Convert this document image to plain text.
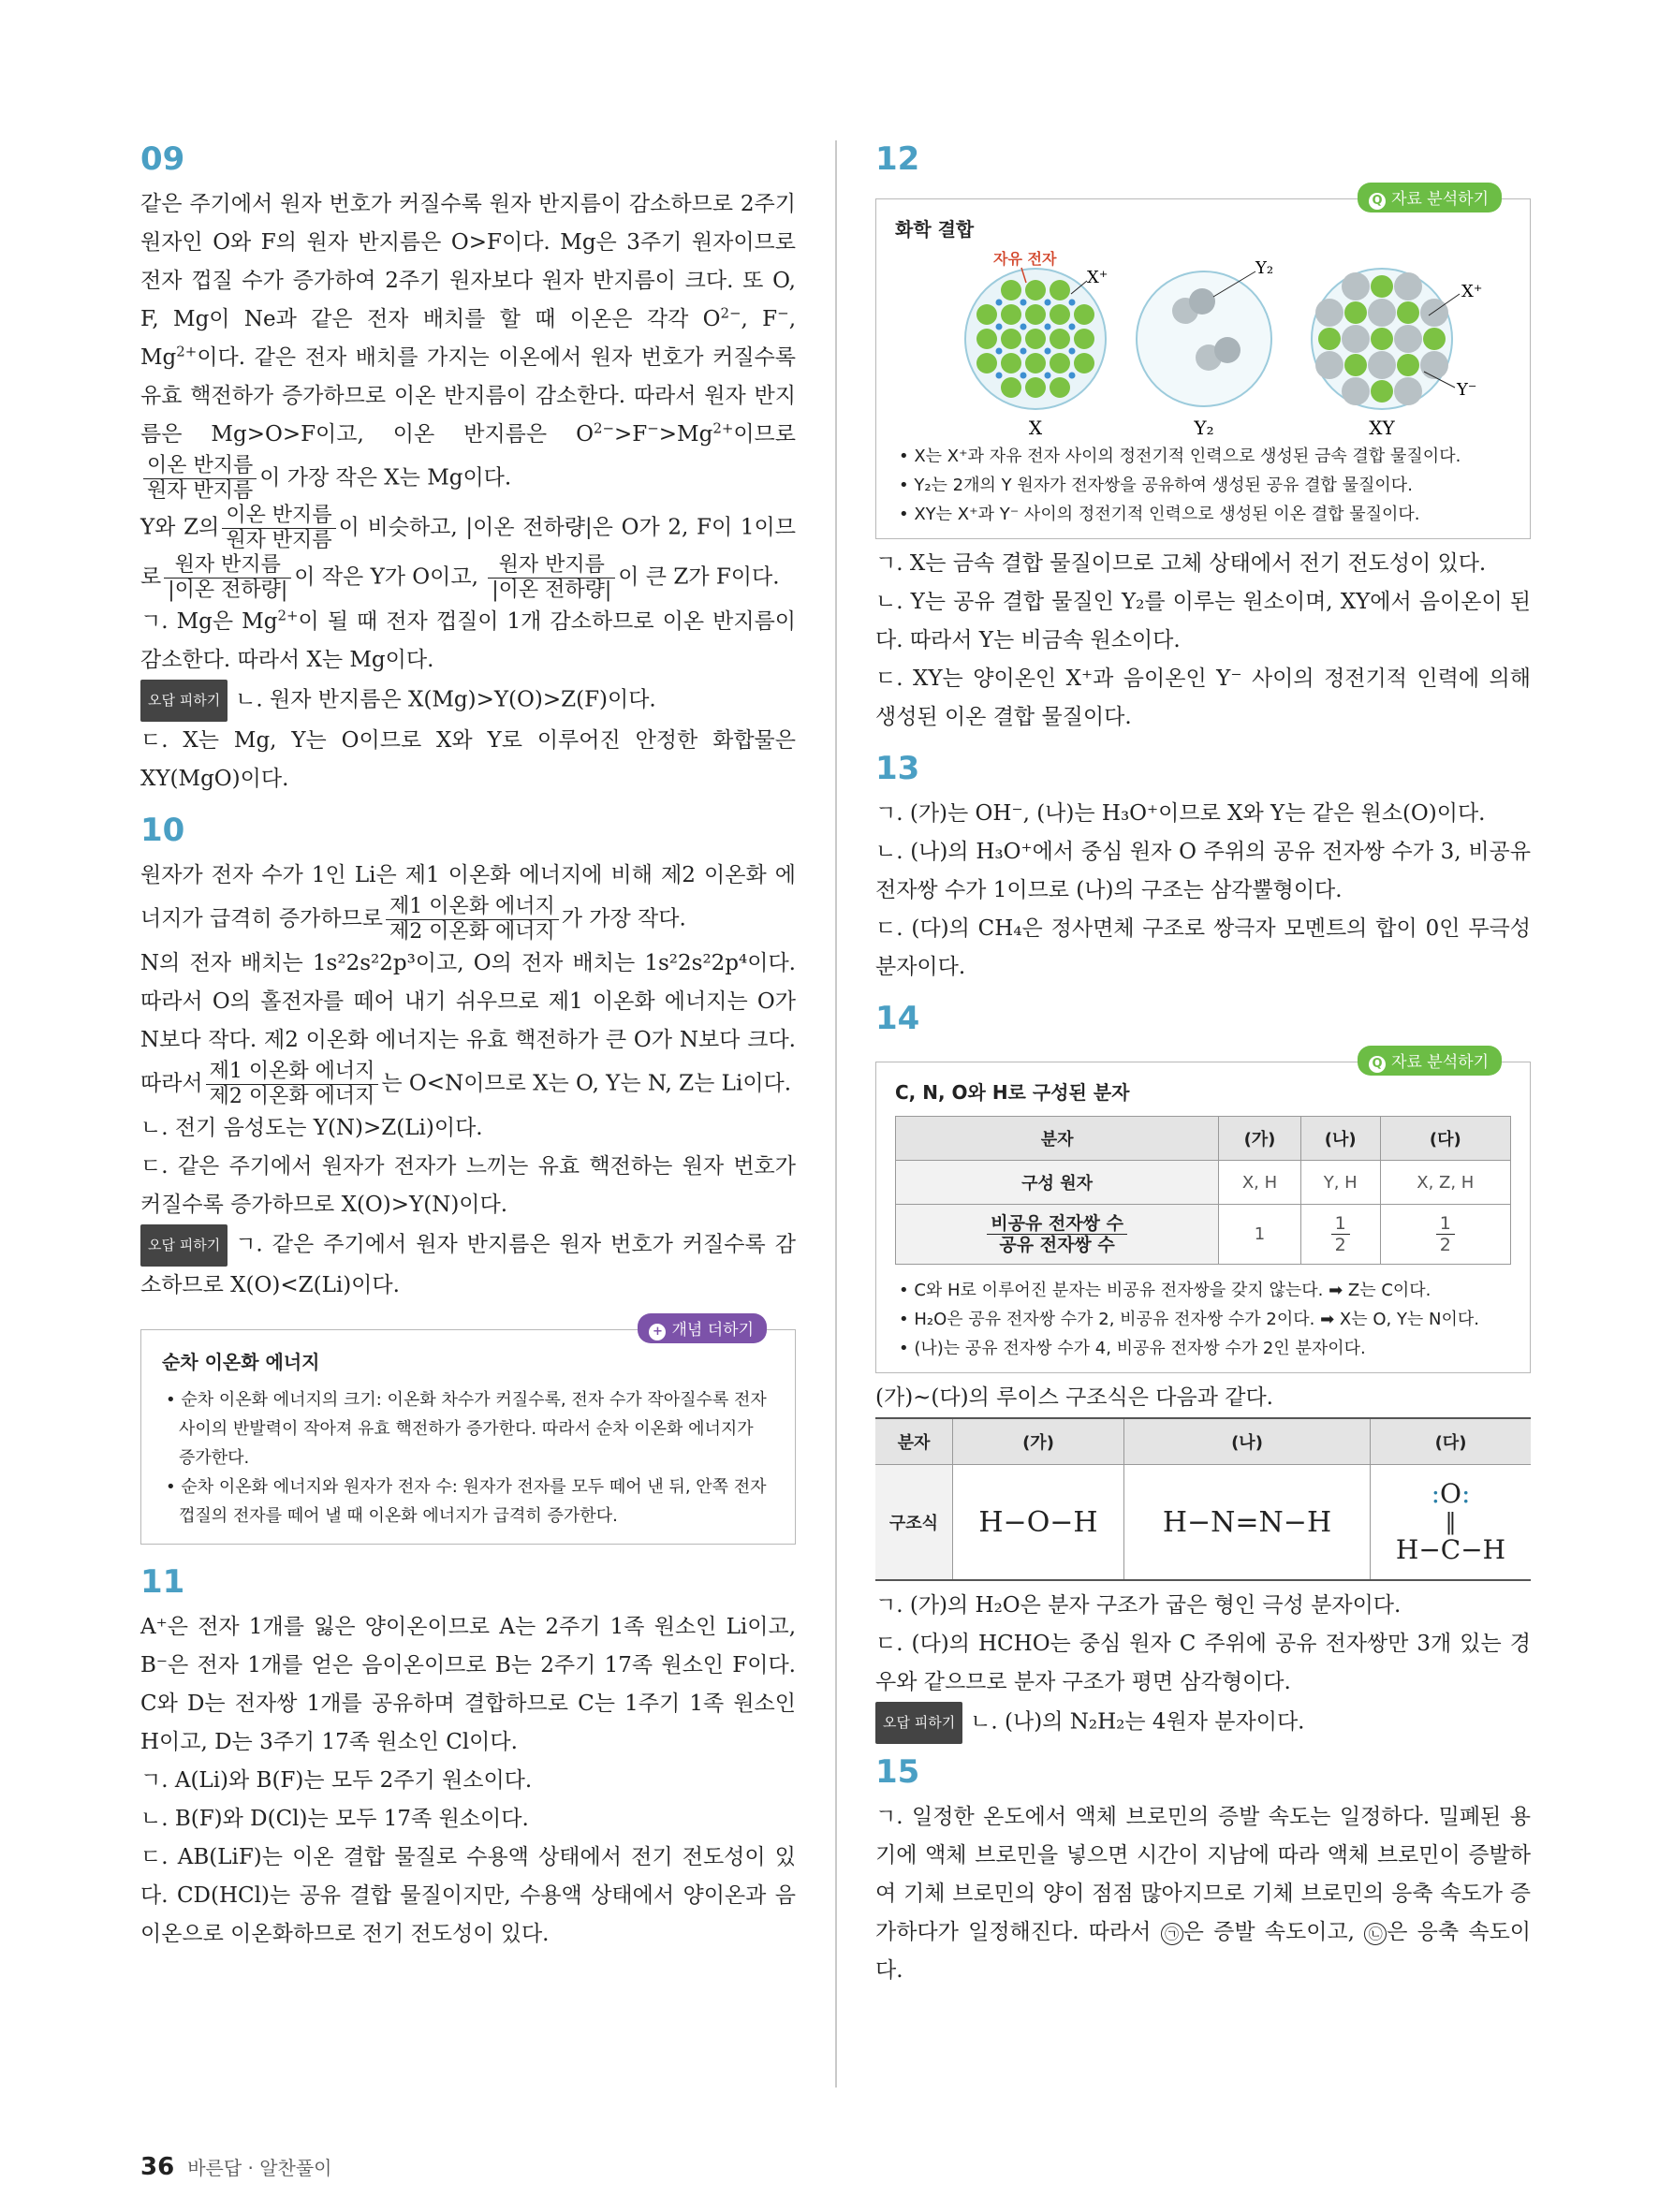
09

같은 주기에서 원자 번호가 커질수록 원자 반지름이 감소하므로 2주기 원자인 O와 F의 원자 반지름은 O>F이다. Mg은 3주기 원자이므로 전자 껍질 수가 증가하여 2주기 원자보다 원자 반지름이 크다. 또 O, F, Mg이 Ne과 같은 전자 배치를 할 때 이온은 각각 $O^{2-}$, F−, $Mg^{2+}$이다. 같은 전자 배치를 가지는 이온에서 원자 번호가 커질수록 유효 핵전하가 증가하므로 이온 반지름이 감소한다. 따라서 원자 반지름은 Mg>O>F이고, 이온 반지름은 $O^{2-}>F^->Mg^{2+}$이므로
$\frac{\text{이온 반지름}}{\text{원자 반지름}}$ 이 가장 작은 X는 Mg이다.

Y와 Z의 $\frac{\text{이온 반지름}}{\text{원자 반지름}}$ 이 비슷하고, |이온 전하량|은 O가 2, F이 1이므로 $\frac{\text{원자 반지름}}{\text{|이온 전하량|}}$ 이 작은 Y가 O이고, $\frac{\text{원자 반지름}}{\text{|이온 전하량|}}$ 이 큰 Z가 F이다.

ㄱ. Mg은 $Mg^{2+}$이 될 때 전자 껍질이 1개 감소하므로 이온 반지름이 감소한다. 따라서 X는 Mg이다.

오답 피하기 ㄴ. 원자 반지름은 X(Mg)>Y(O)>Z(F)이다.

ㄷ. X는 Mg, Y는 O이므로 X와 Y로 이루어진 안정한 화합물은 XY(MgO)이다.

10

원자가 전자 수가 1인 Li은 제1 이온화 에너지에 비해 제2 이온화 에너지가 급격히 증가하므로 $\frac{\text{제1 이온화 에너지}}{\text{제2 이온화 에너지}}$ 가 가장 작다.

N의 전자 배치는 1s²2s²2p³이고, O의 전자 배치는 1s²2s²2p⁴이다. 따라서 O의 홀전자를 떼어 내기 쉬우므로 제1 이온화 에너지는 O가 N보다 작다. 제2 이온화 에너지는 유효 핵전하가 큰 O가 N보다 크다. 따라서 $\frac{\text{제1 이온화 에너지}}{\text{제2 이온화 에너지}}$ 는 O<N이므로 X는 O, Y는 N, Z는 Li이다.

ㄴ. 전기 음성도는 Y(N)>Z(Li)이다.

ㄷ. 같은 주기에서 원자가 전자가 느끼는 유효 핵전하는 원자 번호가 커질수록 증가하므로 X(O)>Y(N)이다.

오답 피하기 ㄱ. 같은 주기에서 원자 반지름은 원자 번호가 커질수록 감소하므로 X(O)<Z(Li)이다.

+ 개념 더하기
순차 이온화 에너지

• 순차 이온화 에너지의 크기: 이온화 차수가 커질수록, 전자 수가 작아질수록 전자 사이의 반발력이 작아져 유효 핵전하가 증가한다. 따라서 순차 이온화 에너지가 증가한다.

• 순차 이온화 에너지와 원자가 전자 수: 원자가 전자를 모두 떼어 낸 뒤, 안쪽 전자 껍질의 전자를 떼어 낼 때 이온화 에너지가 급격히 증가한다.

11

A⁺은 전자 1개를 잃은 양이온이므로 A는 2주기 1족 원소인 Li이고, B⁻은 전자 1개를 얻은 음이온이므로 B는 2주기 17족 원소인 F이다. C와 D는 전자쌍 1개를 공유하며 결합하므로 C는 1주기 1족 원소인 H이고, D는 3주기 17족 원소인 Cl이다.

ㄱ. A(Li)와 B(F)는 모두 2주기 원소이다.

ㄴ. B(F)와 D(Cl)는 모두 17족 원소이다.

ㄷ. AB(LiF)는 이온 결합 물질로 수용액 상태에서 전기 전도성이 있다. CD(HCl)는 공유 결합 물질이지만, 수용액 상태에서 양이온과 음이온으로 이온화하므로 전기 전도성이 있다.

12
Q 자료 분석하기
화학 결합
자유 전자
X⁺	Y₂
X⁺
Y⁻
X	Y₂	XY

• X는 X⁺과 자유 전자 사이의 정전기적 인력으로 생성된 금속 결합 물질이다.

• Y₂는 2개의 Y 원자가 전자쌍을 공유하여 생성된 공유 결합 물질이다.

• XY는 X⁺과 Y⁻ 사이의 정전기적 인력으로 생성된 이온 결합 물질이다.

ㄱ. X는 금속 결합 물질이므로 고체 상태에서 전기 전도성이 있다.

ㄴ. Y는 공유 결합 물질인 Y₂를 이루는 원소이며, XY에서 음이온이 된다. 따라서 Y는 비금속 원소이다.

ㄷ. XY는 양이온인 X⁺과 음이온인 Y⁻ 사이의 정전기적 인력에 의해 생성된 이온 결합 물질이다.

13

ㄱ. (가)는 OH⁻, (나)는 H₃O⁺이므로 X와 Y는 같은 원소(O)이다.

ㄴ. (나)의 H₃O⁺에서 중심 원자 O 주위의 공유 전자쌍 수가 3, 비공유 전자쌍 수가 1이므로 (나)의 구조는 삼각뿔형이다.

ㄷ. (다)의 CH₄은 정사면체 구조로 쌍극자 모멘트의 합이 0인 무극성 분자이다.

14
Q 자료 분석하기
C, N, O와 H로 구성된 분자
분자	(가)	(나)	(다)
구성 원자	X, H	Y, H	X, Z, H

$\frac{\text{비공유 전자쌍 수}}{\text{공유 전자쌍 수}}$	1	$\frac{1}{2}$	$\frac{1}{2}$

• C와 H로 이루어진 분자는 비공유 전자쌍을 갖지 않는다. ➡ Z는 C이다.

• H₂O은 공유 전자쌍 수가 2, 비공유 전자쌍 수가 2이다. ➡ X는 O, Y는 N이다.

• (나)는 공유 전자쌍 수가 4, 비공유 전자쌍 수가 2인 분자이다.

(가)~(다)의 루이스 구조식은 다음과 같다.

분자	(가)	(나)	(다)
구조식	H−O−H	H−N=N−H	:O:
‖
H−C−H

ㄱ. (가)의 H₂O은 분자 구조가 굽은 형인 극성 분자이다.

ㄷ. (다)의 HCHO는 중심 원자 C 주위에 공유 전자쌍만 3개 있는 경우와 같으므로 분자 구조가 평면 삼각형이다.

오답 피하기 ㄴ. (나)의 N₂H₂는 4원자 분자이다.

15

ㄱ. 일정한 온도에서 액체 브로민의 증발 속도는 일정하다. 밀폐된 용기에 액체 브로민을 넣으면 시간이 지남에 따라 액체 브로민이 증발하여 기체 브로민의 양이 점점 많아지므로 기체 브로민의 응축 속도가 증가하다가 일정해진다. 따라서 ㉠ 은 증발 속도이고, ㉡ 은 응축 속도이다.

36 바른답 · 알찬풀이
